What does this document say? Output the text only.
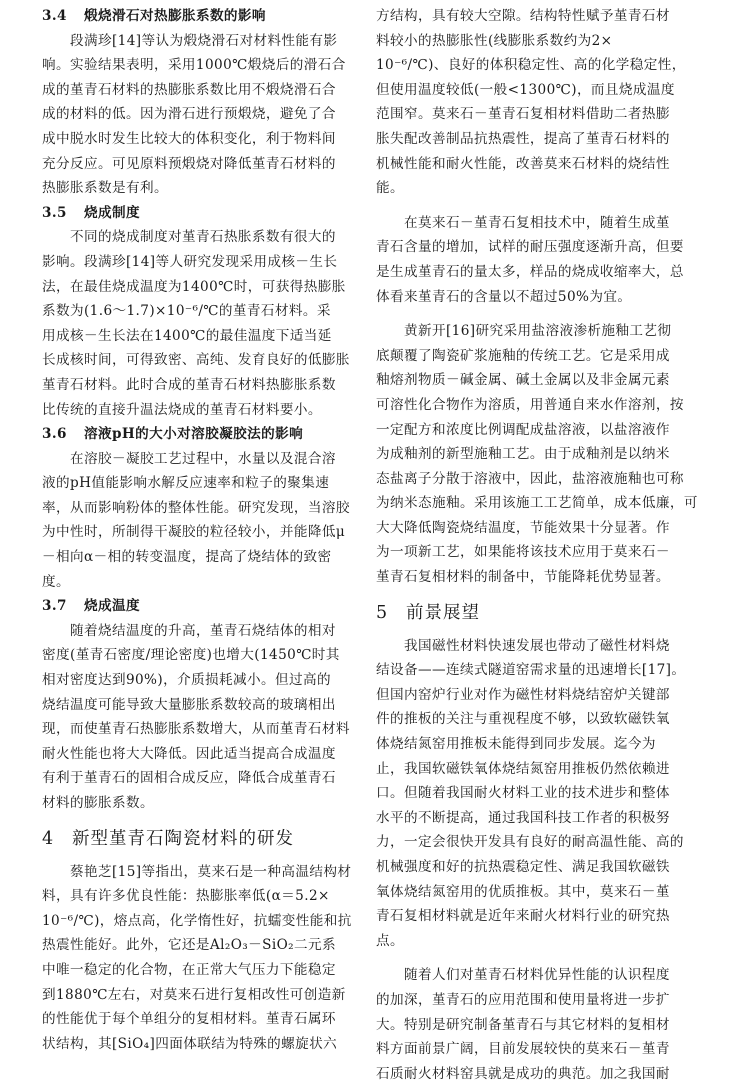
3.4 煅烧滑石对热膨胀系数的影响
段满珍[14]等认为煅烧滑石对材料性能有影
响。实验结果表明，采用1000℃煅烧后的滑石合
成的堇青石材料的热膨胀系数比用不煅烧滑石合
成的材料的低。因为滑石进行预煅烧，避免了合
成中脱水时发生比较大的体积变化，利于物料间
充分反应。可见原料预煅烧对降低堇青石材料的
热膨胀系数是有利。
3.5 烧成制度
不同的烧成制度对堇青石热胀系数有很大的
影响。段满珍[14]等人研究发现采用成核－生长
法，在最佳烧成温度为1400℃时，可获得热膨胀
系数为(1.6～1.7)×10⁻⁶/℃的堇青石材料。采
用成核－生长法在1400℃的最佳温度下适当延
长成核时间，可得致密、高纯、发育良好的低膨胀
堇青石材料。此时合成的堇青石材料热膨胀系数
比传统的直接升温法烧成的堇青石材料要小。
3.6 溶液pH的大小对溶胶凝胶法的影响
在溶胶－凝胶工艺过程中，水量以及混合溶
液的pH值能影响水解反应速率和粒子的聚集速
率，从而影响粉体的整体性能。研究发现，当溶胶
为中性时，所制得干凝胶的粒径较小，并能降低μ
－相向α－相的转变温度，提高了烧结体的致密
度。
3.7 烧成温度
随着烧结温度的升高，堇青石烧结体的相对
密度(堇青石密度/理论密度)也增大(1450℃时其
相对密度达到90%)，介质损耗减小。但过高的
烧结温度可能导致大量膨胀系数较高的玻璃相出
现，而使堇青石热膨胀系数增大，从而堇青石材料
耐火性能也将大大降低。因此适当提高合成温度
有利于堇青石的固相合成反应，降低合成堇青石
材料的膨胀系数。
4 新型堇青石陶瓷材料的研发
蔡艳芝[15]等指出，莫来石是一种高温结构材
料，具有许多优良性能：热膨胀率低(α＝5.2×
10⁻⁶/℃)，熔点高，化学惰性好，抗蠕变性能和抗
热震性能好。此外，它还是Al₂O₃－SiO₂二元系
中唯一稳定的化合物，在正常大气压力下能稳定
到1880℃左右，对莫来石进行复相改性可创造新
的性能优于每个单组分的复相材料。堇青石属环
状结构，其[SiO₄]四面体联结为特殊的螺旋状六
方结构，具有较大空隙。结构特性赋予堇青石材
料较小的热膨胀性(线膨胀系数约为2×
10⁻⁶/℃)、良好的体积稳定性、高的化学稳定性，
但使用温度较低(一般<1300℃)，而且烧成温度
范围窄。莫来石－堇青石复相材料借助二者热膨
胀失配改善制品抗热震性，提高了堇青石材料的
机械性能和耐火性能，改善莫来石材料的烧结性
能。
在莫来石－堇青石复相技术中，随着生成堇
青石含量的增加，试样的耐压强度逐渐升高，但要
是生成堇青石的量太多，样品的烧成收缩率大，总
体看来堇青石的含量以不超过50%为宜。
黄新开[16]研究采用盐溶液渗析施釉工艺彻
底颠覆了陶瓷矿浆施釉的传统工艺。它是采用成
釉熔剂物质－碱金属、碱土金属以及非金属元素
可溶性化合物作为溶质，用普通自来水作溶剂，按
一定配方和浓度比例调配成盐溶液，以盐溶液作
为成釉剂的新型施釉工艺。由于成釉剂是以纳米
态盐离子分散于溶液中，因此，盐溶液施釉也可称
为纳米态施釉。采用该施工工艺简单，成本低廉，可
大大降低陶瓷烧结温度，节能效果十分显著。作
为一项新工艺，如果能将该技术应用于莫来石－
堇青石复相材料的制备中，节能降耗优势显著。
5 前景展望
我国磁性材料快速发展也带动了磁性材料烧
结设备——连续式隧道窑需求量的迅速增长[17]。
但国内窑炉行业对作为磁性材料烧结窑炉关键部
件的推板的关注与重视程度不够，以致软磁铁氧
体烧结氮窑用推板未能得到同步发展。迄今为
止，我国软磁铁氧体烧结氮窑用推板仍然依赖进
口。但随着我国耐火材料工业的技术进步和整体
水平的不断提高，通过我国科技工作者的积极努
力，一定会很快开发具有良好的耐高温性能、高的
机械强度和好的抗热震稳定性、满足我国软磁铁
氧体烧结氮窑用的优质推板。其中，莫来石－堇
青石复相材料就是近年来耐火材料行业的研究热
点。
随着人们对堇青石材料优异性能的认识程度
的加深，堇青石的应用范围和使用量将进一步扩
大。特别是研究制备堇青石与其它材料的复相材
料方面前景广阔，目前发展较快的莫来石－堇青
石质耐火材料窑具就是成功的典范。加之我国耐
